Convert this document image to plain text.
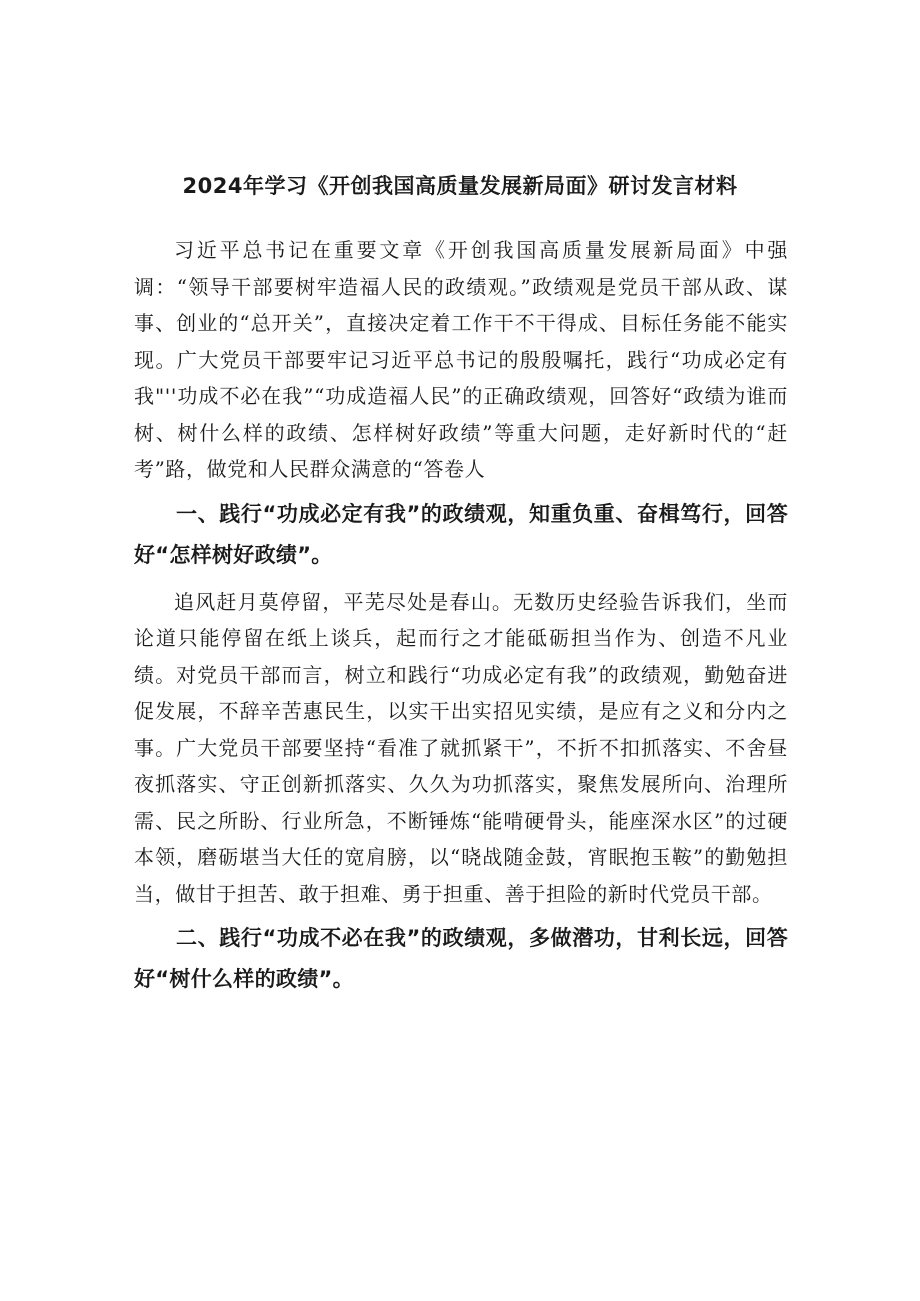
2024年学习《开创我国高质量发展新局面》研讨发言材料

习近平总书记在重要文章《开创我国高质量发展新局面》中强调：“领导干部要树牢造福人民的政绩观。”政绩观是党员干部从政、谋事、创业的“总开关”，直接决定着工作干不干得成、目标任务能不能实现。广大党员干部要牢记习近平总书记的殷殷嘱托，践行“功成必定有我"''功成不必在我”“功成造福人民”的正确政绩观，回答好“政绩为谁而树、树什么样的政绩、怎样树好政绩”等重大问题，走好新时代的“赶考”路，做党和人民群众满意的“答卷人

一、践行“功成必定有我”的政绩观，知重负重、奋楫笃行，回答好“怎样树好政绩”。

追风赶月莫停留，平芜尽处是春山。无数历史经验告诉我们，坐而论道只能停留在纸上谈兵，起而行之才能砥砺担当作为、创造不凡业绩。对党员干部而言，树立和践行“功成必定有我”的政绩观，勤勉奋进促发展，不辞辛苦惠民生，以实干出实招见实绩，是应有之义和分内之事。广大党员干部要坚持“看准了就抓紧干”，不折不扣抓落实、不舍昼夜抓落实、守正创新抓落实、久久为功抓落实，聚焦发展所向、治理所需、民之所盼、行业所急，不断锤炼“能啃硬骨头，能座深水区”的过硬本领，磨砺堪当大任的宽肩膀，以“晓战随金鼓，宵眠抱玉鞍”的勤勉担当，做甘于担苦、敢于担难、勇于担重、善于担险的新时代党员干部。

二、践行“功成不必在我”的政绩观，多做潜功，甘利长远，回答好“树什么样的政绩”。
